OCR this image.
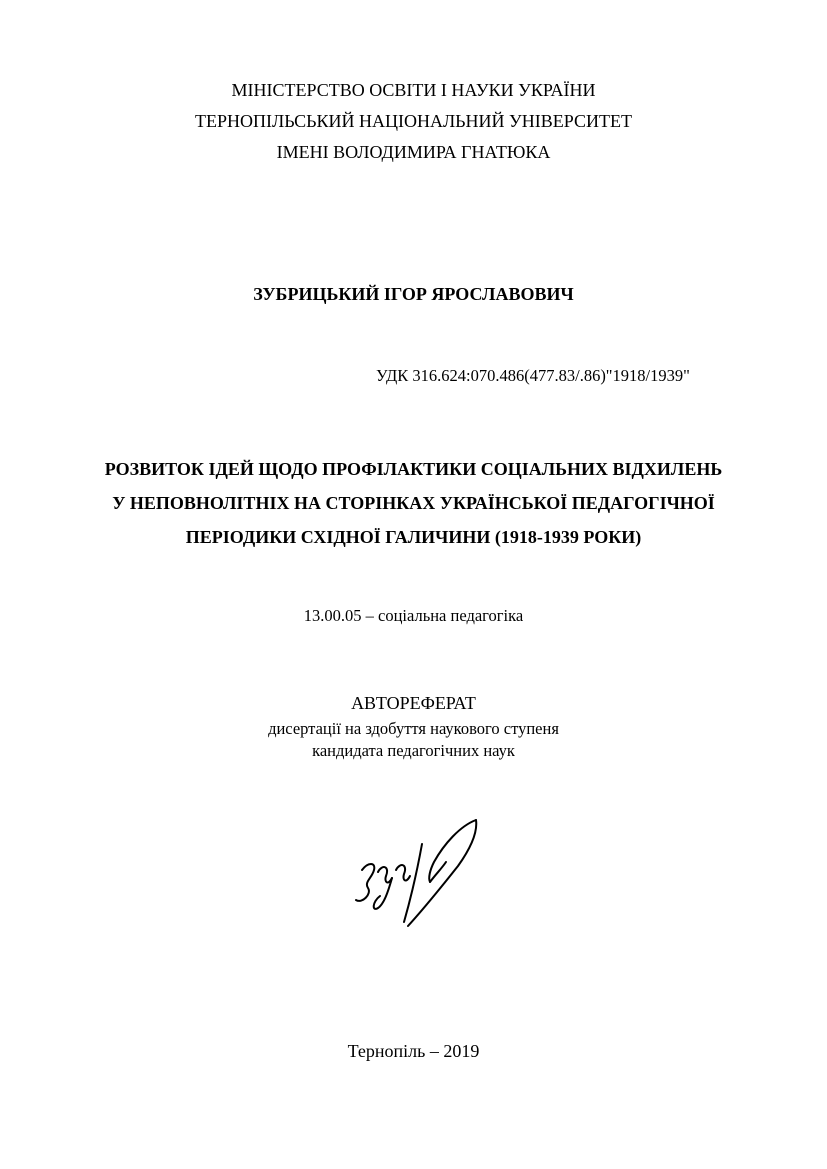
МІНІСТЕРСТВО ОСВІТИ І НАУКИ УКРАЇНИ
ТЕРНОПІЛЬСЬКИЙ НАЦІОНАЛЬНИЙ УНІВЕРСИТЕТ
ІМЕНІ ВОЛОДИМИРА ГНАТЮКА
ЗУБРИЦЬКИЙ ІГОР ЯРОСЛАВОВИЧ
УДК 316.624:070.486(477.83/.86)"1918/1939"
РОЗВИТОК ІДЕЙ ЩОДО ПРОФІЛАКТИКИ СОЦІАЛЬНИХ ВІДХИЛЕНЬ
У НЕПОВНОЛІТНІХ НА СТОРІНКАХ УКРАЇНСЬКОЇ ПЕДАГОГІЧНОЇ
ПЕРІОДИКИ СХІДНОЇ ГАЛИЧИНИ (1918-1939 РОКИ)
13.00.05 – соціальна педагогіка
АВТОРЕФЕРАТ
дисертації на здобуття наукового ступеня
кандидата педагогічних наук
Тернопіль – 2019
